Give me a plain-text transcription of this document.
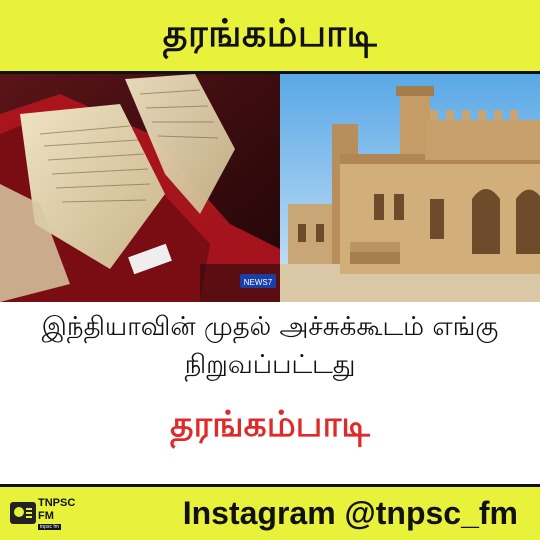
தரங்கம்பாடி
NEWS7
இந்தியாவின் முதல் அச்சுக்கூடம் எங்கு
நிறுவப்பட்டது
தரங்கம்பாடி
TNPSC
FM
tnpsc fm	Instagram @tnpsc_fm
